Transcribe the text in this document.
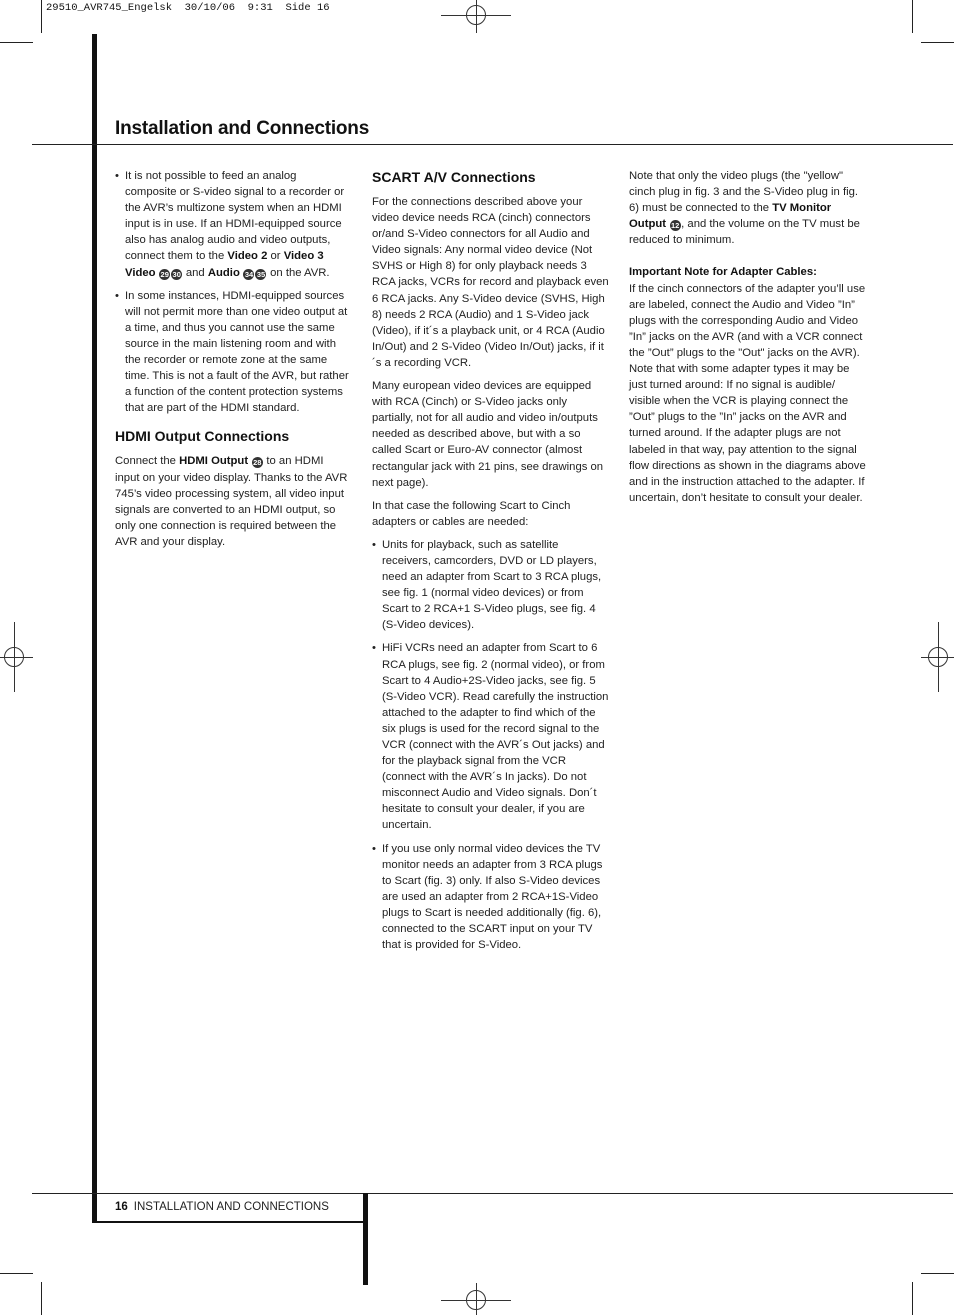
29510_AVR745_Engelsk  30/10/06  9:31  Side 16
Installation and Connections
• It is not possible to feed an analog composite or S-video signal to a recorder or the AVR’s multizone system when an HDMI input is in use. If an HDMI-equipped source also has analog audio and video outputs, connect them to the Video 2 or Video 3 Video 29 30 and Audio 34 35 on the AVR.
• In some instances, HDMI-equipped sources will not permit more than one video output at a time, and thus you cannot use the same source in the main listening room and with the recorder or remote zone at the same time. This is not a fault of the AVR, but rather a function of the content protection systems that are part of the HDMI standard.
HDMI Output Connections

Connect the HDMI Output 28 to an HDMI input on your video display. Thanks to the AVR 745’s video processing system, all video input signals are converted to an HDMI output, so only one connection is required between the AVR and your display.

SCART A/V Connections

For the connections described above your video device needs RCA (cinch) connectors or/and S-Video connectors for all Audio and Video signals: Any normal video device (Not SVHS or High 8) for only playback needs 3 RCA jacks, VCRs for record and playback even 6 RCA jacks. Any S-Video device (SVHS, High 8) needs 2 RCA (Audio) and 1 S-Video jack (Video), if it´s a playback unit, or 4 RCA (Audio In/Out) and 2 S-Video (Video In/Out) jacks, if it´s a recording VCR.

Many european video devices are equipped with RCA (Cinch) or S-Video jacks only partially, not for all audio and video in/outputs needed as described above, but with a so called Scart or Euro-AV connector (almost rectangular jack with 21 pins, see drawings on next page).

In that case the following Scart to Cinch adapters or cables are needed:

• Units for playback, such as satellite receivers, camcorders, DVD or LD players, need an adapter from Scart to 3 RCA plugs, see fig. 1 (normal video devices) or from Scart to 2 RCA+1 S-Video plugs, see fig. 4 (S-Video devices).
• HiFi VCRs need an adapter from Scart to 6 RCA plugs, see fig. 2 (normal video), or from Scart to 4 Audio+2S-Video jacks, see fig. 5 (S-Video VCR). Read carefully the instruction attached to the adapter to find which of the six plugs is used for the record signal to the VCR (connect with the AVR´s Out jacks) and for the playback signal from the VCR (connect with the AVR´s In jacks). Do not misconnect Audio and Video signals. Don´t hesitate to consult your dealer, if you are uncertain.
• If you use only normal video devices the TV monitor needs an adapter from 3 RCA plugs to Scart (fig. 3) only. If also S-Video devices are used an adapter from 2 RCA+1S-Video plugs to Scart is needed additionally (fig. 6), connected to the SCART input on your TV that is provided for S-Video.

Note that only the video plugs (the "yellow" cinch plug in fig. 3 and the S-Video plug in fig. 6) must be connected to the TV Monitor Output 12 , and the volume on the TV must be reduced to minimum.

Important Note for Adapter Cables:

If the cinch connectors of the adapter you’ll use are labeled, connect the Audio and Video ”In” plugs with the corresponding Audio and Video ”In” jacks on the AVR (and with a VCR connect the ”Out” plugs to the "Out" jacks on the AVR). Note that with some adapter types it may be just turned around: If no signal is audible/ visible when the VCR is playing connect the ”Out” plugs to the ”In” jacks on the AVR and turned around. If the adapter plugs are not labeled in that way, pay attention to the signal flow directions as shown in the diagrams above and in the instruction attached to the adapter. If uncertain, don’t hesitate to consult your dealer.

16 INSTALLATION AND CONNECTIONS
